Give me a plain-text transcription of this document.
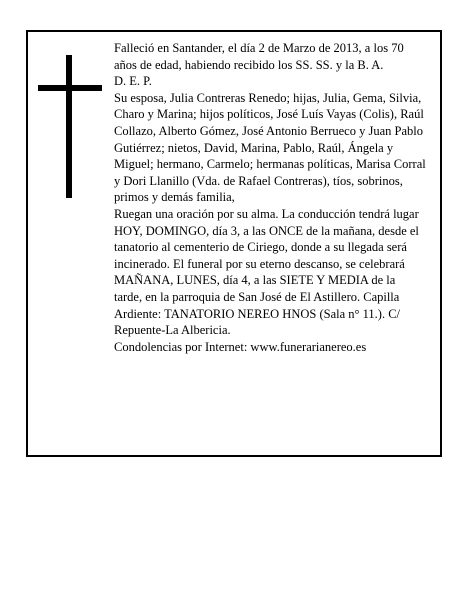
Falleció en Santander, el día 2 de Marzo de 2013, a los 70 años de edad, habiendo recibido los SS. SS. y la B. A.

D. E. P.

Su esposa, Julia Contreras Renedo; hijas, Julia, Gema, Silvia, Charo y Marina; hijos políticos, José Luís Vayas (Colis), Raúl Collazo, Alberto Gómez, José Antonio Berrueco y Juan Pablo Gutiérrez; nietos, David, Marina, Pablo, Raúl, Ángela y Miguel; hermano, Carmelo; hermanas políticas, Marisa Corral y Dori Llanillo (Vda. de Rafael Contreras), tíos, sobrinos, primos y demás familia,

Ruegan una oración por su alma. La conducción tendrá lugar HOY, DOMINGO, día 3, a las ONCE de la mañana, desde el tanatorio al cementerio de Ciriego, donde a su llegada será incinerado. El funeral por su eterno descanso, se celebrará MAÑANA, LUNES, día 4, a las SIETE Y MEDIA de la tarde, en la parroquia de San José de El Astillero. Capilla Ardiente: TANATORIO NEREO HNOS (Sala n° 11.). C/ Repuente-La Albericia.

Condolencias por Internet: www.funerarianereo.es
